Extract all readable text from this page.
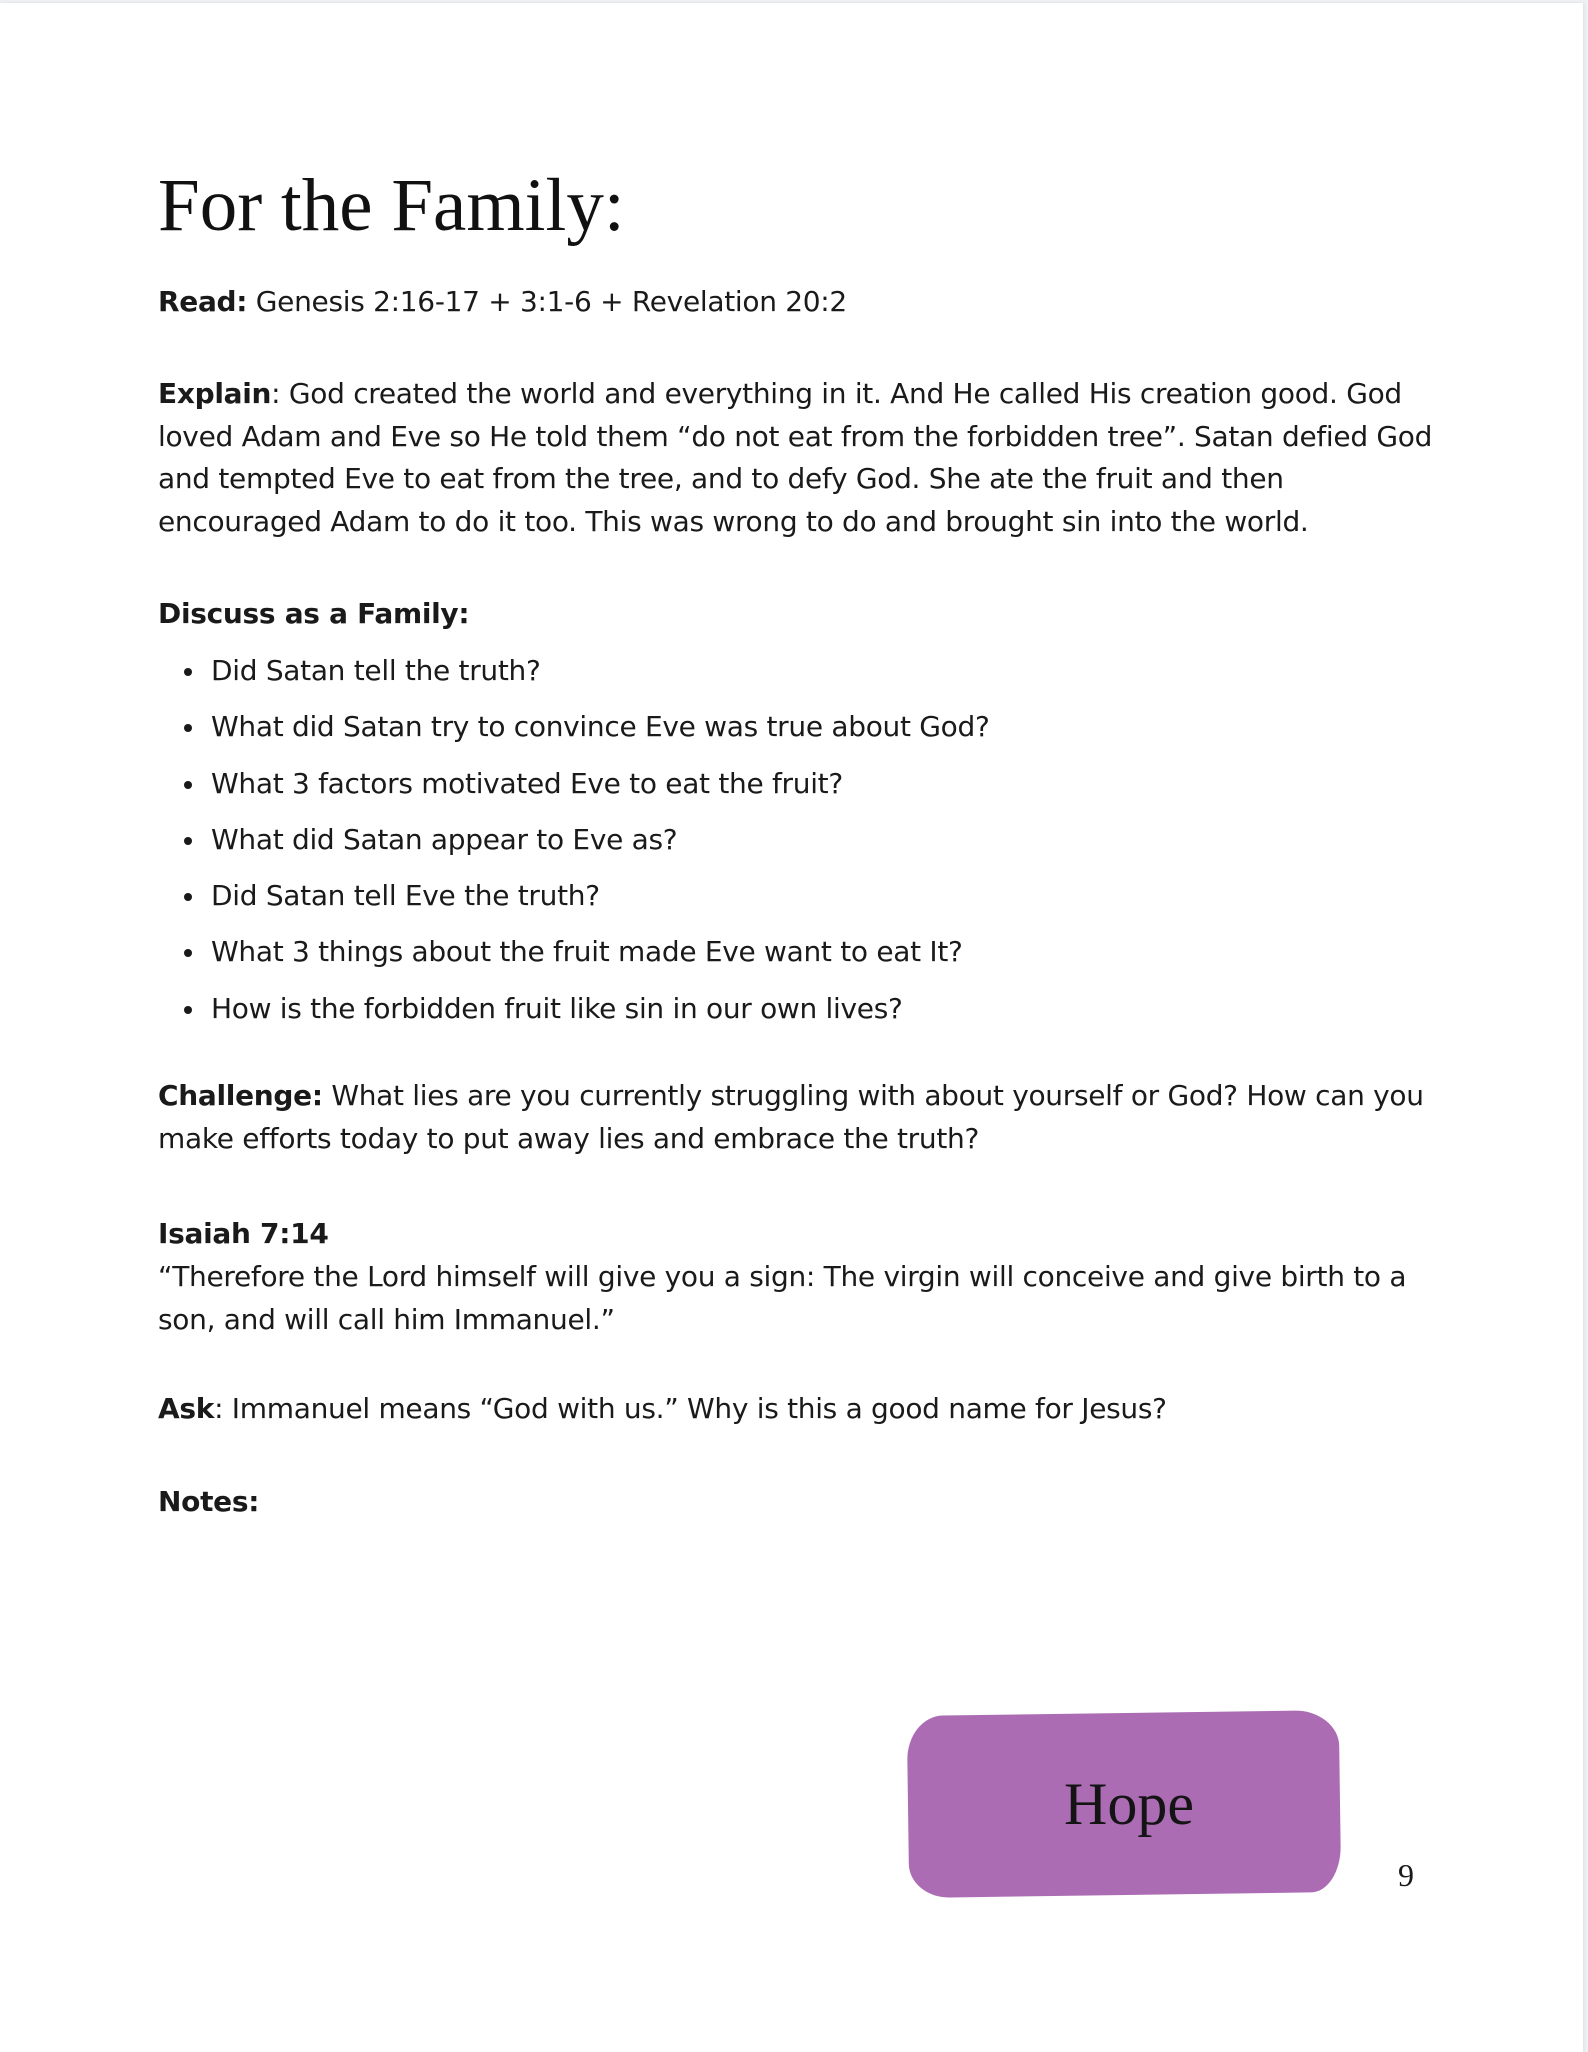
For the Family:

Read: Genesis 2:16-17 + 3:1-6 + Revelation 20:2

Explain: God created the world and everything in it. And He called His creation good. God loved Adam and Eve so He told them “do not eat from the forbidden tree”. Satan defied God and tempted Eve to eat from the tree, and to defy God. She ate the fruit and then encouraged Adam to do it too. This was wrong to do and brought sin into the world.

Discuss as a Family:

Did Satan tell the truth?
What did Satan try to convince Eve was true about God?
What 3 factors motivated Eve to eat the fruit?
What did Satan appear to Eve as?
Did Satan tell Eve the truth?
What 3 things about the fruit made Eve want to eat It?
How is the forbidden fruit like sin in our own lives?

Challenge: What lies are you currently struggling with about yourself or God? How can you make efforts today to put away lies and embrace the truth?

Isaiah 7:14

“Therefore the Lord himself will give you a sign: The virgin will conceive and give birth to a son, and will call him Immanuel.”

Ask: Immanuel means “God with us.” Why is this a good name for Jesus?

Notes:

Hope
9
